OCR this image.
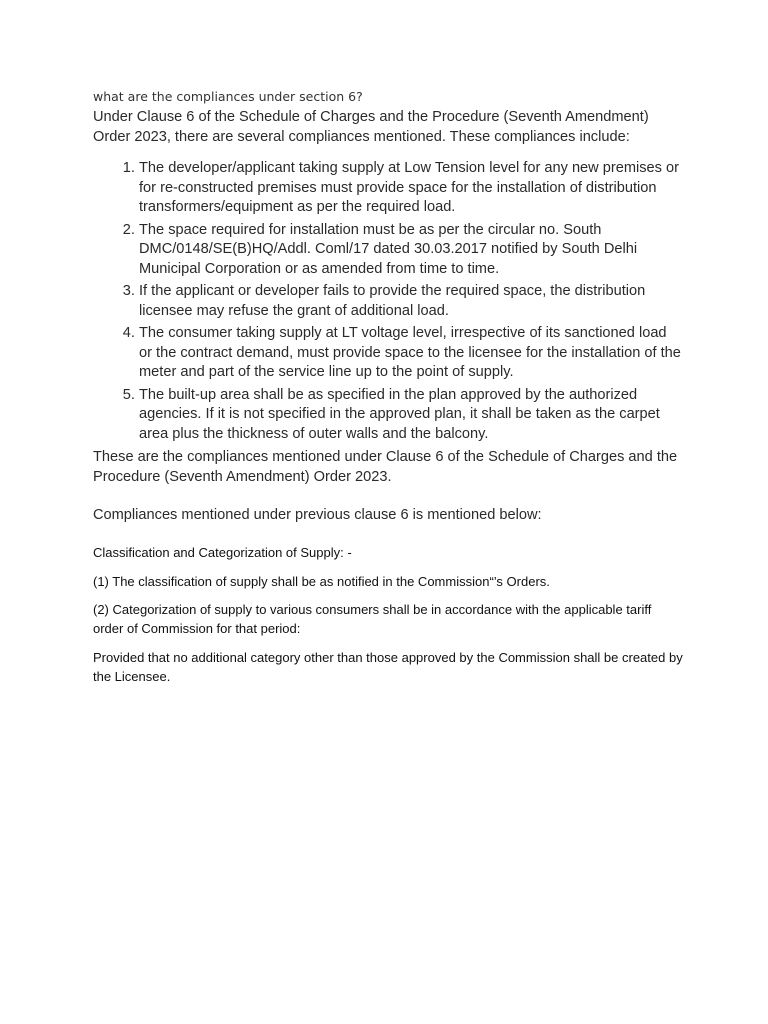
what are the compliances under section 6?

Under Clause 6 of the Schedule of Charges and the Procedure (Seventh Amendment) Order 2023, there are several compliances mentioned. These compliances include:

1. The developer/applicant taking supply at Low Tension level for any new premises or for re-constructed premises must provide space for the installation of distribution transformers/equipment as per the required load.
2. The space required for installation must be as per the circular no. South DMC/0148/SE(B)HQ/Addl. Coml/17 dated 30.03.2017 notified by South Delhi Municipal Corporation or as amended from time to time.
3. If the applicant or developer fails to provide the required space, the distribution licensee may refuse the grant of additional load.
4. The consumer taking supply at LT voltage level, irrespective of its sanctioned load or the contract demand, must provide space to the licensee for the installation of the meter and part of the service line up to the point of supply.
5. The built-up area shall be as specified in the plan approved by the authorized agencies. If it is not specified in the approved plan, it shall be taken as the carpet area plus the thickness of outer walls and the balcony.

These are the compliances mentioned under Clause 6 of the Schedule of Charges and the Procedure (Seventh Amendment) Order 2023.

Compliances mentioned under previous clause 6 is mentioned below:

Classification and Categorization of Supply: -

(1) The classification of supply shall be as notified in the Commission“’s Orders.

(2) Categorization of supply to various consumers shall be in accordance with the applicable tariff order of Commission for that period:

Provided that no additional category other than those approved by the Commission shall be created by the Licensee.
